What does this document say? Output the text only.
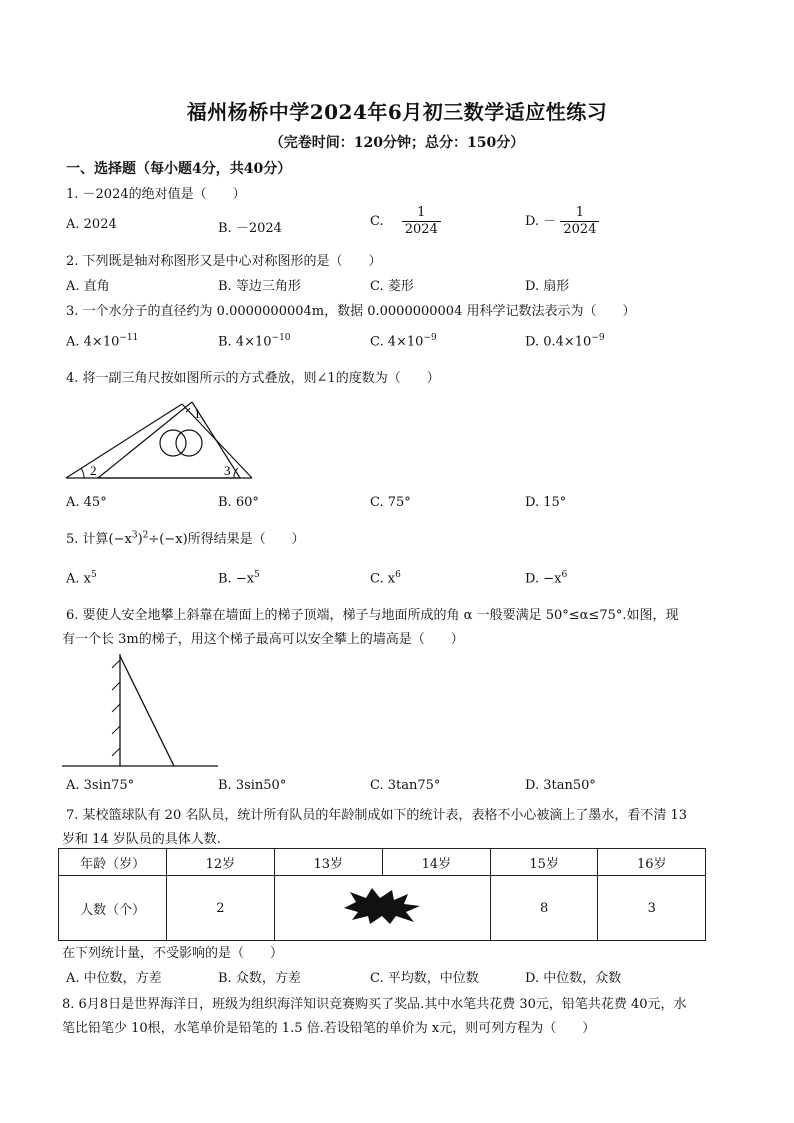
福州杨桥中学2024年6月初三数学适应性练习
（完卷时间：120分钟；总分：150分）
一、选择题（每小题4分，共40分）
1. －2024的绝对值是（　　）
A. 2024	B. －2024	C. $\frac{1}{2024}$	D. － $\frac{1}{2024}$
2. 下列既是轴对称图形又是中心对称图形的是（　　）
A. 直角	B. 等边三角形	C. 菱形	D. 扇形
3. 一个水分子的直径约为 0.0000000004m，数据 0.0000000004 用科学记数法表示为（　　）
A. $4\times 10^{-11}$	B. $4\times 10^{-10}$	C. $4\times 10^{-9}$	D. $0.4\times 10^{-9}$
4. 将一副三角尺按如图所示的方式叠放，则∠1的度数为（　　）
1
2	3
A. 45°	B. 60°	C. 75°	D. 15°
5. 计算$(-x^3)^2\div(-x)$所得结果是（　　）
A. $x^5$	B. $-x^5$	C. $x^6$	D. $-x^6$
6. 要使人安全地攀上斜靠在墙面上的梯子顶端，梯子与地面所成的角 α 一般要满足 50°≤α≤75°.如图，现
有一个长 3m的梯子，用这个梯子最高可以安全攀上的墙高是（　　）
A. 3sin75°	B. 3sin50°	C. 3tan75°	D. 3tan50°
7. 某校篮球队有 20 名队员，统计所有队员的年龄制成如下的统计表，表格不小心被滴上了墨水，看不清 13
岁和 14 岁队员的具体人数.
年龄（岁）	12岁	13岁	14岁	15岁	16岁
人数（个）	2			8	3
在下列统计量，不受影响的是（　　）
A. 中位数，方差	B. 众数，方差	C. 平均数，中位数	D. 中位数，众数
8. 6月8日是世界海洋日，班级为组织海洋知识竞赛购买了奖品.其中水笔共花费 30元，铅笔共花费 40元，水
笔比铅笔少 10根，水笔单价是铅笔的 1.5 倍.若设铅笔的单价为 x元，则可列方程为（　　）
